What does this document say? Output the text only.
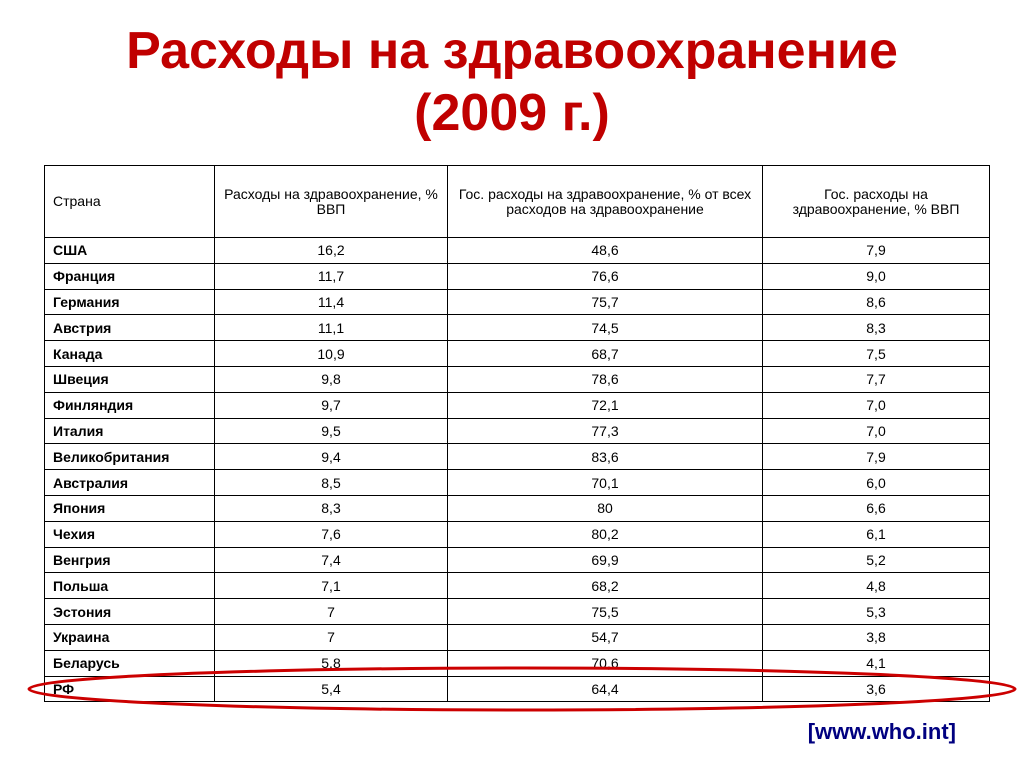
Расходы на здравоохранение
(2009 г.)
Страна	Расходы на здравоохранение, % ВВП	Гос. расходы на здравоохранение, % от всех расходов на здравоохранение	Гос. расходы на здравоохранение, % ВВП
США	16,2	48,6	7,9
Франция	11,7	76,6	9,0
Германия	11,4	75,7	8,6
Австрия	11,1	74,5	8,3
Канада	10,9	68,7	7,5
Швеция	9,8	78,6	7,7
Финляндия	9,7	72,1	7,0
Италия	9,5	77,3	7,0
Великобритания	9,4	83,6	7,9
Австралия	8,5	70,1	6,0
Япония	8,3	80	6,6
Чехия	7,6	80,2	6,1
Венгрия	7,4	69,9	5,2
Польша	7,1	68,2	4,8
Эстония	7	75,5	5,3
Украина	7	54,7	3,8
Беларусь	5,8	70,6	4,1
РФ	5,4	64,4	3,6
[www.who.int]
